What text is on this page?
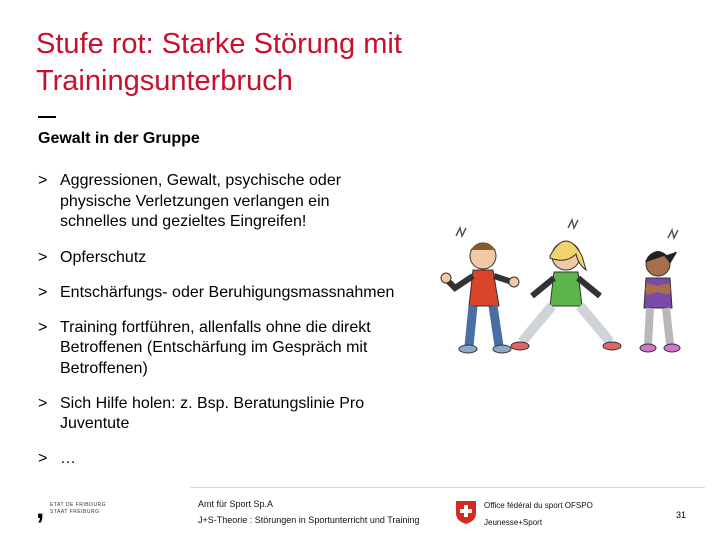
Stufe rot: Starke Störung mit Trainingsunterbruch
Gewalt in der Gruppe
> Aggressionen, Gewalt, psychische oder physische Verletzungen verlangen ein schnelles und gezieltes Eingreifen!
> Opferschutz
> Entschärfungs- oder Beruhigungsmassnahmen
> Training fortführen, allenfalls ohne die direkt Betroffenen (Entschärfung im Gespräch mit Betroffenen)
> Sich Hilfe holen: z. Bsp. Beratungslinie Pro Juventute
> …
, ETAT DE FRIBOURG
STAAT FREIBURG
Amt für Sport Sp.A
J+S-Theorie : Störungen in Sportunterricht und Training
Office fédéral du sport OFSPO
Jeunesse+Sport
31
